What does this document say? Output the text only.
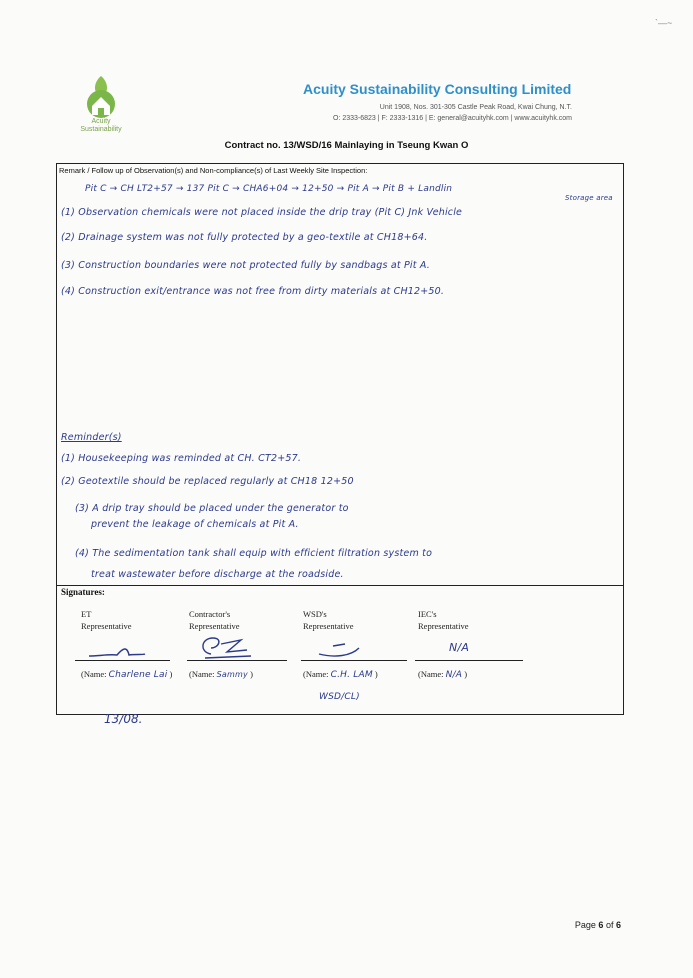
`—~
Acuity
Sustainability
Acuity Sustainability Consulting Limited
Unit 1908, Nos. 301-305 Castle Peak Road, Kwai Chung, N.T.
O: 2333-6823 | F: 2333-1316 | E: general@acuityhk.com | www.acuityhk.com
Contract no. 13/WSD/16 Mainlaying in Tseung Kwan O
Remark / Follow up of Observation(s) and Non-compliance(s) of Last Weekly Site Inspection:
Pit C → CH LT2+57 → 137 Pit C → CHA6+04 → 12+50 → Pit A → Pit B + Landlin
Storage area
(1) Observation chemicals were not placed inside the drip tray (Pit C) Jnk Vehicle
(2) Drainage system was not fully protected by a geo-textile at CH18+64.
(3) Construction boundaries were not protected fully by sandbags at Pit A.
(4) Construction exit/entrance was not free from dirty materials at CH12+50.
Reminder(s)
(1) Housekeeping was reminded at CH. CT2+57.
(2) Geotextile should be replaced regularly at CH18 12+50
(3) A drip tray should be placed under the generator to
prevent the leakage of chemicals at Pit A.
(4) The sedimentation tank shall equip with efficient filtration system to
treat wastewater before discharge at the roadside.
Signatures:
ET
Representative
Contractor's
Representative
WSD's
Representative
IEC's
Representative
N/A
(Name: Charlene Lai ) (Name: Sammy )	(Name: C.H. LAM )	(Name: N/A )
WSD/CL)
13/08.
Page 6 of 6
